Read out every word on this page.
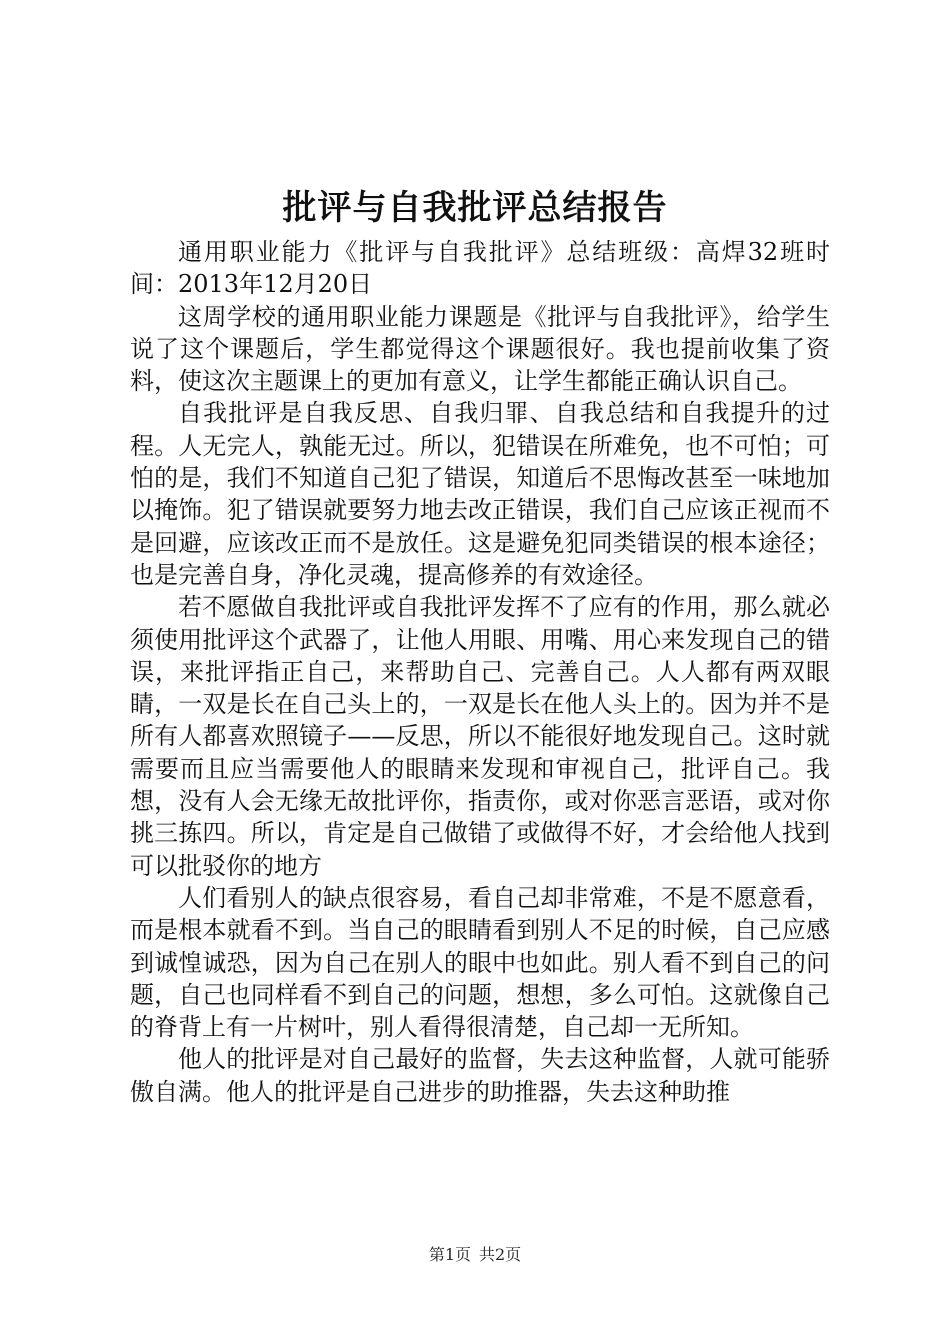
批评与自我批评总结报告

通用职业能力《批评与自我批评》总结班级：高焊32班时间：2013年12月20日

这周学校的通用职业能力课题是《批评与自我批评》，给学生说了这个课题后，学生都觉得这个课题很好。我也提前收集了资料，使这次主题课上的更加有意义，让学生都能正确认识自己。

自我批评是自我反思、自我归罪、自我总结和自我提升的过程。人无完人，孰能无过。所以，犯错误在所难免，也不可怕；可怕的是，我们不知道自己犯了错误，知道后不思悔改甚至一味地加以掩饰。犯了错误就要努力地去改正错误，我们自己应该正视而不是回避，应该改正而不是放任。这是避免犯同类错误的根本途径；也是完善自身，净化灵魂，提高修养的有效途径。

若不愿做自我批评或自我批评发挥不了应有的作用，那么就必须使用批评这个武器了，让他人用眼、用嘴、用心来发现自己的错误，来批评指正自己，来帮助自己、完善自己。人人都有两双眼睛，一双是长在自己头上的，一双是长在他人头上的。因为并不是所有人都喜欢照镜子——反思，所以不能很好地发现自己。这时就需要而且应当需要他人的眼睛来发现和审视自己，批评自己。我想，没有人会无缘无故批评你，指责你，或对你恶言恶语，或对你挑三拣四。所以，肯定是自己做错了或做得不好，才会给他人找到可以批驳你的地方

人们看别人的缺点很容易，看自己却非常难，不是不愿意看，而是根本就看不到。当自己的眼睛看到别人不足的时候，自己应感到诚惶诚恐，因为自己在别人的眼中也如此。别人看不到自己的问题，自己也同样看不到自己的问题，想想，多么可怕。这就像自己的脊背上有一片树叶，别人看得很清楚，自己却一无所知。

他人的批评是对自己最好的监督，失去这种监督，人就可能骄傲自满。他人的批评是自己进步的助推器，失去这种助推

第1页 共2页
